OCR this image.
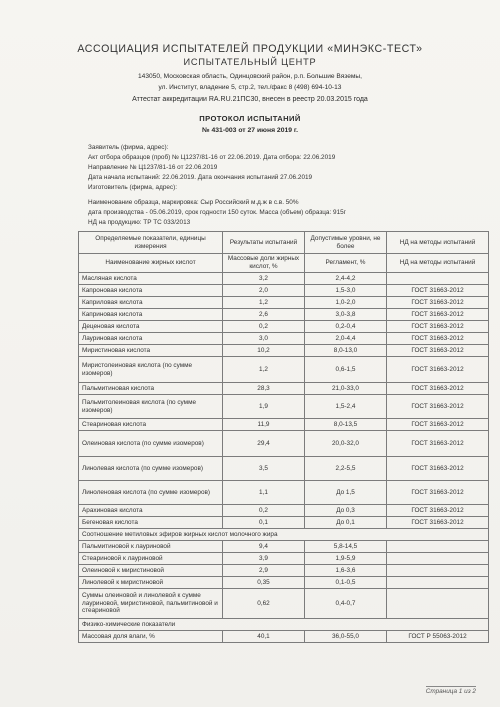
АССОЦИАЦИЯ ИСПЫТАТЕЛЕЙ ПРОДУКЦИИ «МИНЭКС-ТЕСТ»
ИСПЫТАТЕЛЬНЫЙ ЦЕНТР
143050, Московская область, Одинцовский район, р.п. Большие Вяземы,
ул. Институт, владение 5, стр.2, тел./факс 8 (498) 694-10-13
Аттестат аккредитации RA.RU.21ПС30, внесен в реестр 20.03.2015 года
ПРОТОКОЛ ИСПЫТАНИЙ
№ 431-003 от 27 июня 2019 г.
Заявитель (фирма, адрес):
Акт отбора образцов (проб) № Ц1237/81-16 от 22.06.2019. Дата отбора: 22.06.2019
Направление № Ц1237/81-16 от 22.06.2019
Дата начала испытаний: 22.06.2019. Дата окончания испытаний 27.06.2019
Изготовитель (фирма, адрес):
Наименование образца, маркировка: Сыр Российский м.д.ж в с.в. 50%
дата производства - 05.06.2019, срок годности 150 суток. Масса (объем) образца: 915г
НД на продукцию: ТР ТС 033/2013
Определяемые показатели, единицы измерения	Результаты испытаний	Допустимые уровни, не более	НД на методы испытаний
Наименование жирных кислот	Массовые доли жирных кислот, %	Регламент, %	НД на методы испытаний
Масляная кислота	3,2	2,4-4,2	
Капроновая кислота	2,0	1,5-3,0	ГОСТ 31663-2012
Каприловая кислота	1,2	1,0-2,0	ГОСТ 31663-2012
Каприновая кислота	2,6	3,0-3,8	ГОСТ 31663-2012
Деценовая кислота	0,2	0,2-0,4	ГОСТ 31663-2012
Лауриновая кислота	3,0	2,0-4,4	ГОСТ 31663-2012
Миристиновая кислота	10,2	8,0-13,0	ГОСТ 31663-2012
Миристолеиновая кислота (по сумме изомеров)	1,2	0,6-1,5	ГОСТ 31663-2012
Пальмитиновая кислота	28,3	21,0-33,0	ГОСТ 31663-2012
Пальмитолеиновая кислота (по сумме изомеров)	1,9	1,5-2,4	ГОСТ 31663-2012
Стеариновая кислота	11,9	8,0-13,5	ГОСТ 31663-2012
Олеиновая кислота (по сумме изомеров)	29,4	20,0-32,0	ГОСТ 31663-2012
Линолевая кислота (по сумме изомеров)	3,5	2,2-5,5	ГОСТ 31663-2012
Линоленовая кислота (по сумме изомеров)	1,1	До 1,5	ГОСТ 31663-2012
Арахиновая кислота	0,2	До 0,3	ГОСТ 31663-2012
Бегеновая кислота	0,1	До 0,1	ГОСТ 31663-2012
Соотношение метиловых эфиров жирных кислот молочного жира			
Пальмитиновой к лауриновой	9,4	5,8-14,5	
Стеариновой к лауриновой	3,9	1,9-5,9	
Олеиновой к миристиновой	2,9	1,6-3,6	
Линолевой к миристиновой	0,35	0,1-0,5	
Суммы олеиновой и линолевой к сумме лауриновой, миристиновой, пальмитиновой и стеариновой	0,62	0,4-0,7	
Физико-химические показатели			
Массовая доля влаги, %	40,1	36,0-55,0	ГОСТ Р 55063-2012
Страница 1 из 2
